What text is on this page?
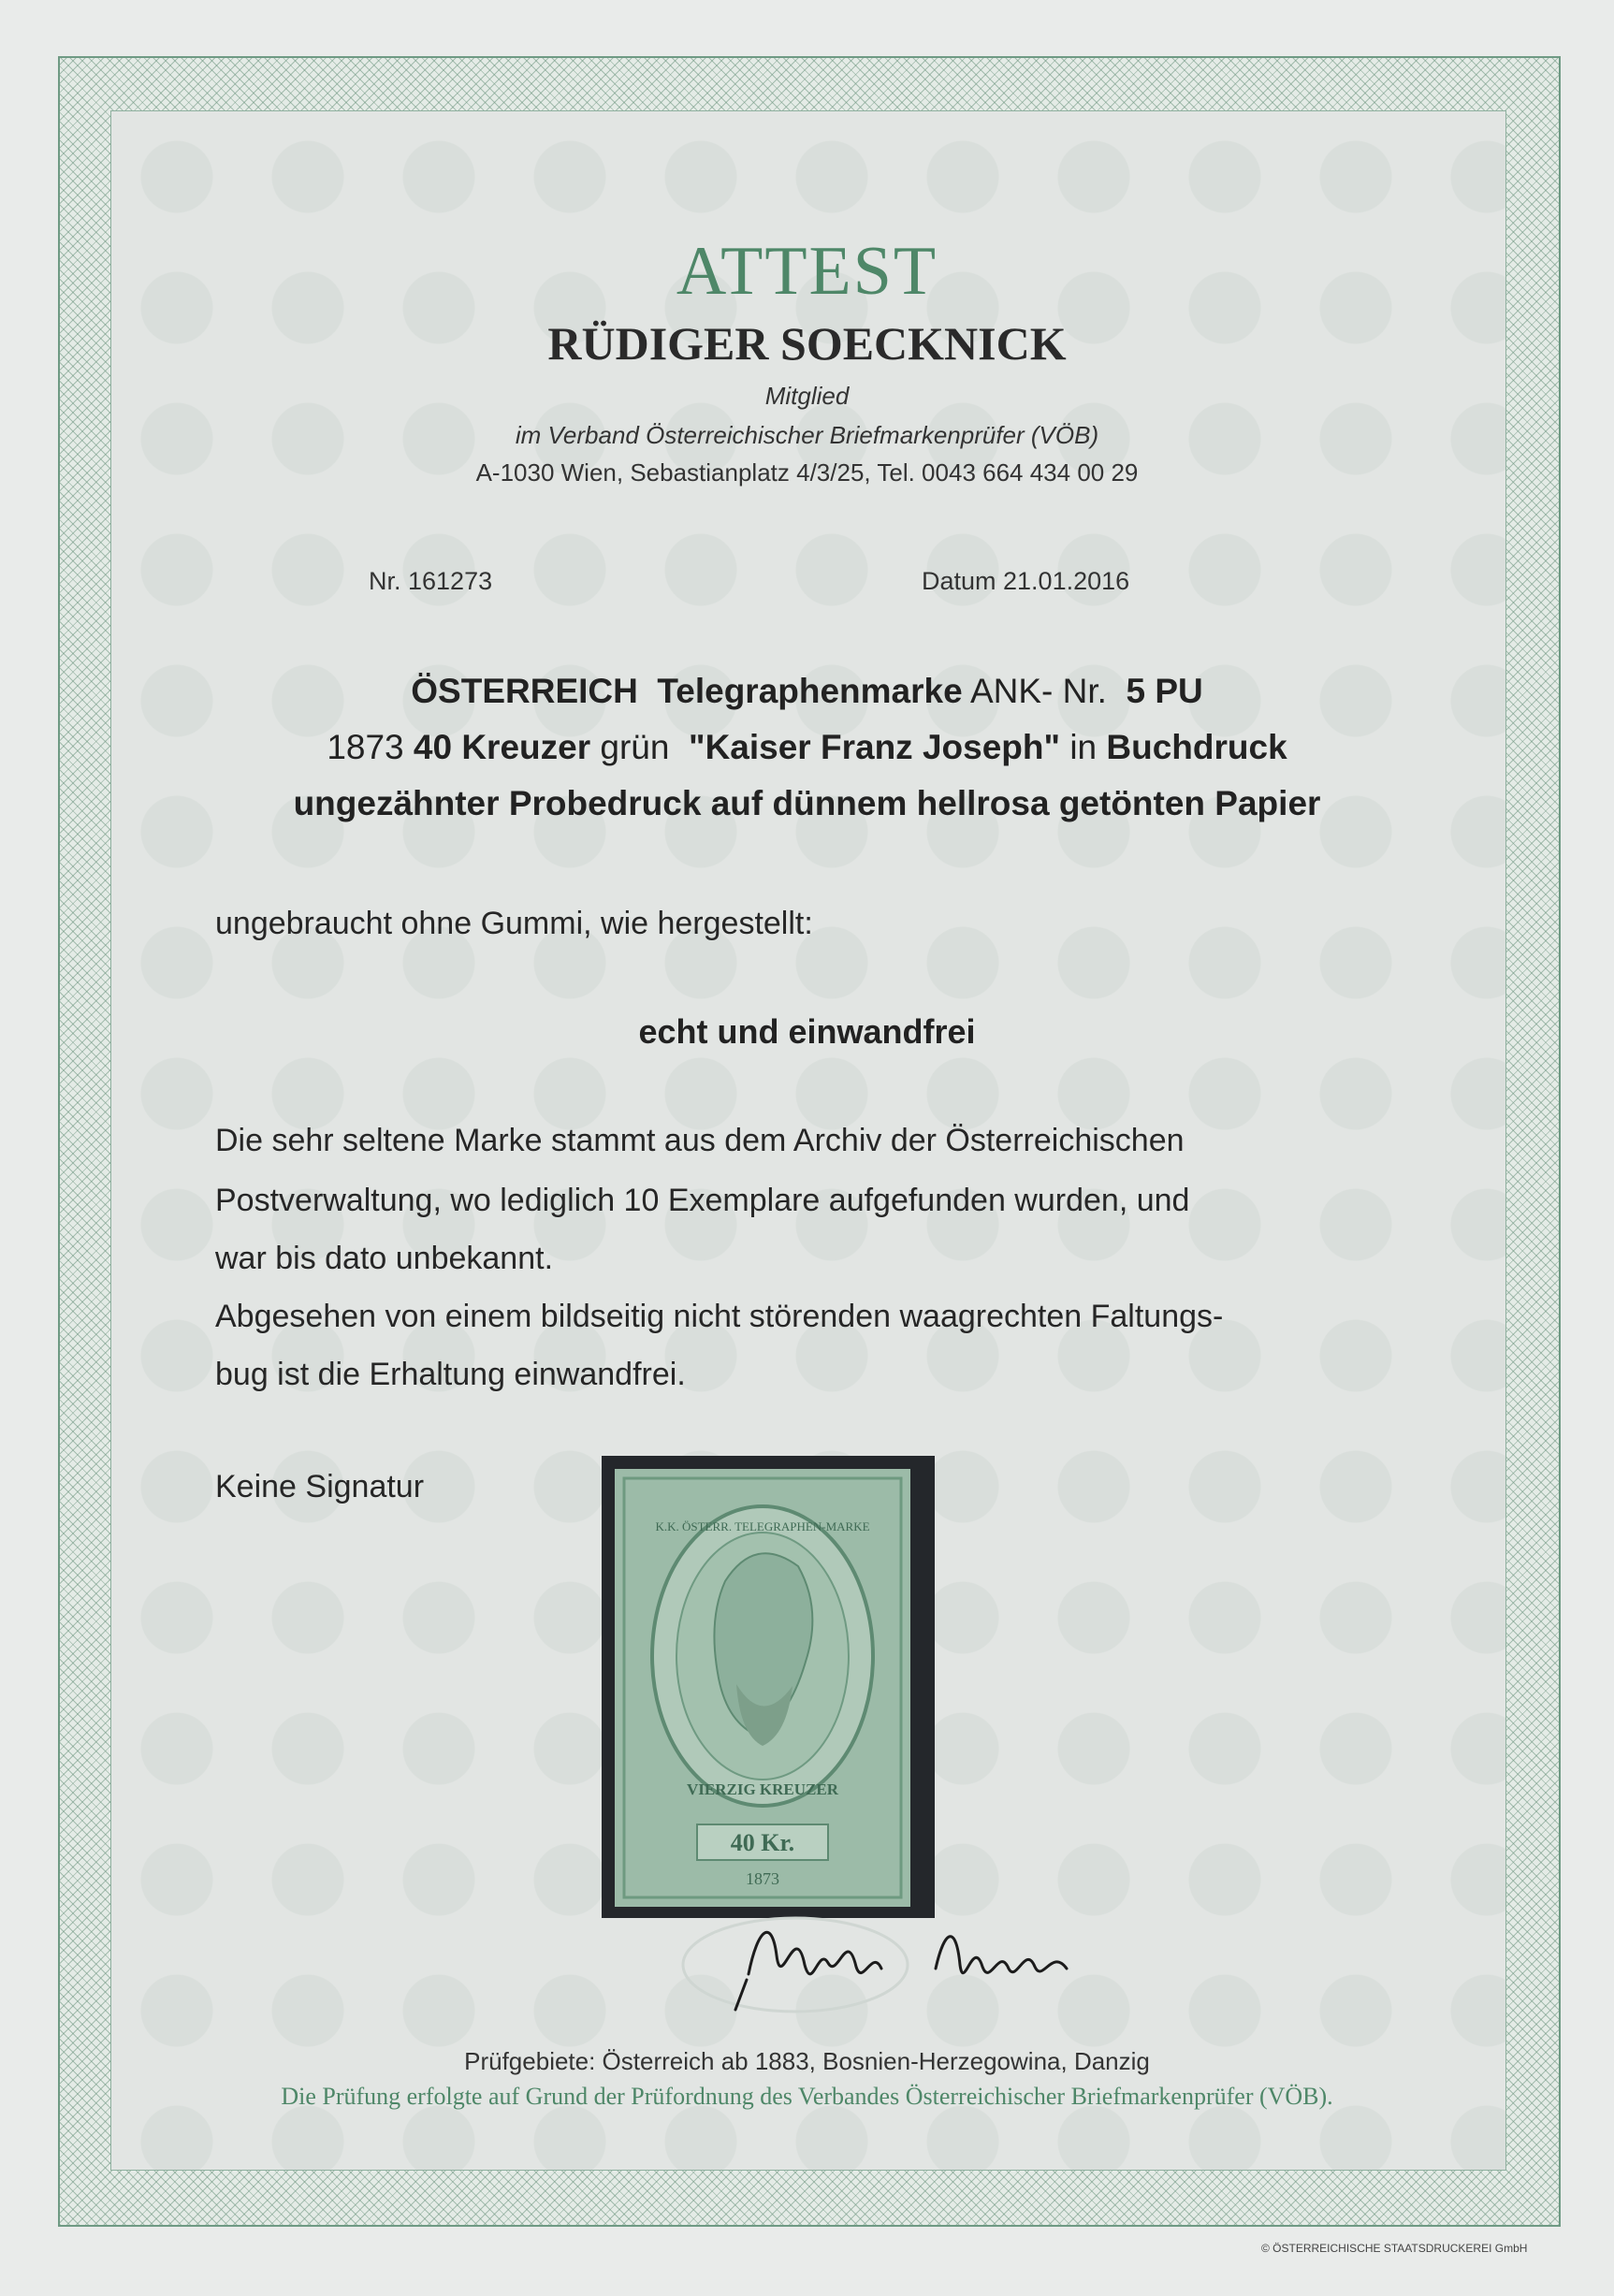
ATTEST
RÜDIGER SOECKNICK
Mitglied
im Verband Österreichischer Briefmarkenprüfer (VÖB)
A-1030 Wien, Sebastianplatz 4/3/25, Tel. 0043 664 434 00 29
Nr. 161273	Datum 21.01.2016
ÖSTERREICH Telegraphenmarke ANK- Nr. 5 PU
1873 40 Kreuzer grün "Kaiser Franz Joseph" in Buchdruck
ungezähnter Probedruck auf dünnem hellrosa getönten Papier
ungebraucht ohne Gummi, wie hergestellt:
echt und einwandfrei
Die sehr seltene Marke stammt aus dem Archiv der Österreichischen
Postverwaltung, wo lediglich 10 Exemplare aufgefunden wurden, und
war bis dato unbekannt.
Abgesehen von einem bildseitig nicht störenden waagrechten Faltungs-
bug ist die Erhaltung einwandfrei.
Keine Signatur
K.K. ÖSTERR. TELEGRAPHEN-MARKE
VIERZIG KREUZER
40 Kr.
1873
Prüfgebiete: Österreich ab 1883, Bosnien-Herzegowina, Danzig
Die Prüfung erfolgte auf Grund der Prüfordnung des Verbandes Österreichischer Briefmarkenprüfer (VÖB).
© ÖSTERREICHISCHE STAATSDRUCKEREI GmbH
